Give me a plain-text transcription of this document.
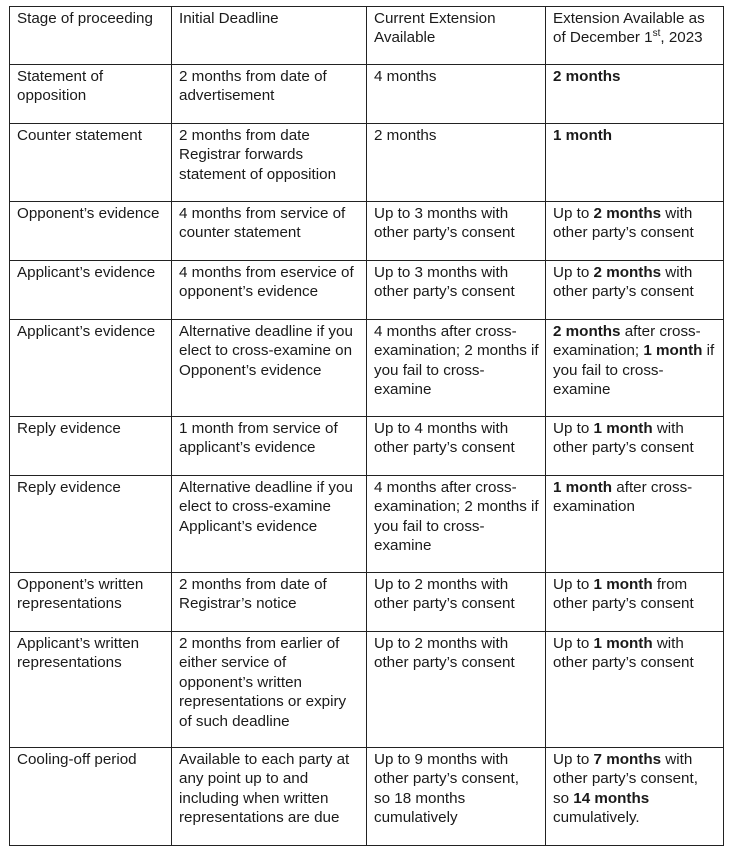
Stage of proceeding	Initial Deadline	Current Extension Available	Extension Available as of December 1st, 2023
Statement of opposition	2 months from date of advertisement	4 months	2 months
Counter statement	2 months from date Registrar forwards statement of opposition	2 months	1 month
Opponent’s evidence	4 months from service of counter statement	Up to 3 months with other party’s consent	Up to 2 months with other party’s consent
Applicant’s evidence	4 months from eservice of opponent’s evidence	Up to 3 months with other party’s consent	Up to 2 months with other party’s consent
Applicant’s evidence	Alternative deadline if you elect to cross-examine on Opponent’s evidence	4 months after cross-examination; 2 months if you fail to cross-examine	2 months after cross-examination; 1 month if you fail to cross-examine
Reply evidence	1 month from service of applicant’s evidence	Up to 4 months with other party’s consent	Up to 1 month with other party’s consent
Reply evidence	Alternative deadline if you elect to cross-examine Applicant’s evidence	4 months after cross-examination; 2 months if you fail to cross-examine	1 month after cross-examination
Opponent’s written representations	2 months from date of Registrar’s notice	Up to 2 months with other party’s consent	Up to 1 month from other party’s consent
Applicant’s written representations	2 months from earlier of either service of opponent’s written representations or expiry of such deadline	Up to 2 months with other party’s consent	Up to 1 month with other party’s consent
Cooling-off period	Available to each party at any point up to and including when written representations are due	Up to 9 months with other party’s consent, so 18 months cumulatively	Up to 7 months with other party’s consent, so 14 months cumulatively.
